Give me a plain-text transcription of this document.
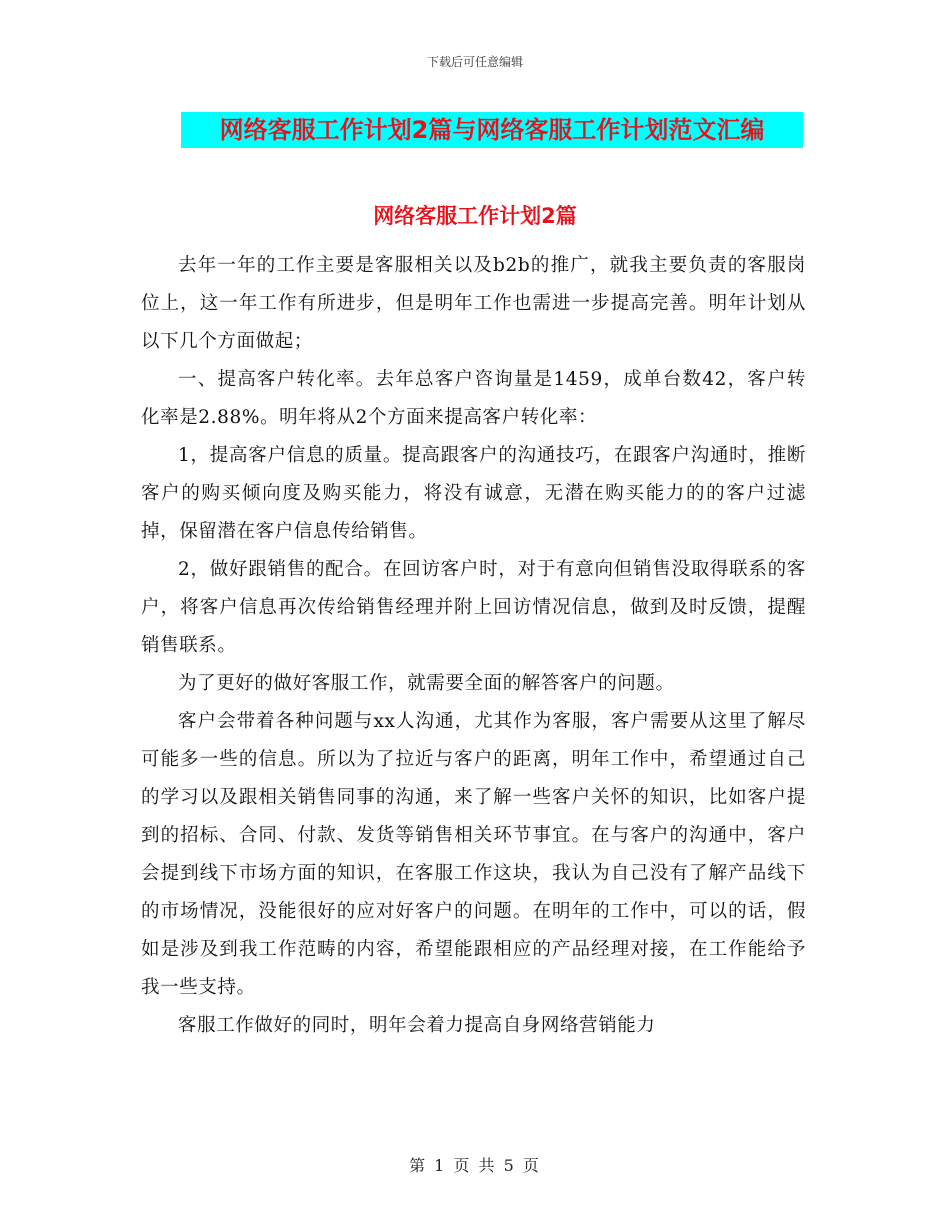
下载后可任意编辑
网络客服工作计划2篇与网络客服工作计划范文汇编
网络客服工作计划2篇

去年一年的工作主要是客服相关以及b2b的推广，就我主要负责的客服岗位上，这一年工作有所进步，但是明年工作也需进一步提高完善。明年计划从以下几个方面做起；

一、提高客户转化率。去年总客户咨询量是1459，成单台数42，客户转化率是2.88%。明年将从2个方面来提高客户转化率：

1，提高客户信息的质量。提高跟客户的沟通技巧，在跟客户沟通时，推断客户的购买倾向度及购买能力，将没有诚意，无潜在购买能力的的客户过滤掉，保留潜在客户信息传给销售。

2，做好跟销售的配合。在回访客户时，对于有意向但销售没取得联系的客户，将客户信息再次传给销售经理并附上回访情况信息，做到及时反馈，提醒销售联系。

为了更好的做好客服工作，就需要全面的解答客户的问题。

客户会带着各种问题与xx人沟通，尤其作为客服，客户需要从这里了解尽可能多一些的信息。所以为了拉近与客户的距离，明年工作中，希望通过自己的学习以及跟相关销售同事的沟通，来了解一些客户关怀的知识，比如客户提到的招标、合同、付款、发货等销售相关环节事宜。在与客户的沟通中，客户会提到线下市场方面的知识，在客服工作这块，我认为自己没有了解产品线下的市场情况，没能很好的应对好客户的问题。在明年的工作中，可以的话，假如是涉及到我工作范畴的内容，希望能跟相应的产品经理对接，在工作能给予我一些支持。

客服工作做好的同时，明年会着力提高自身网络营销能力

第 1 页 共 5 页
